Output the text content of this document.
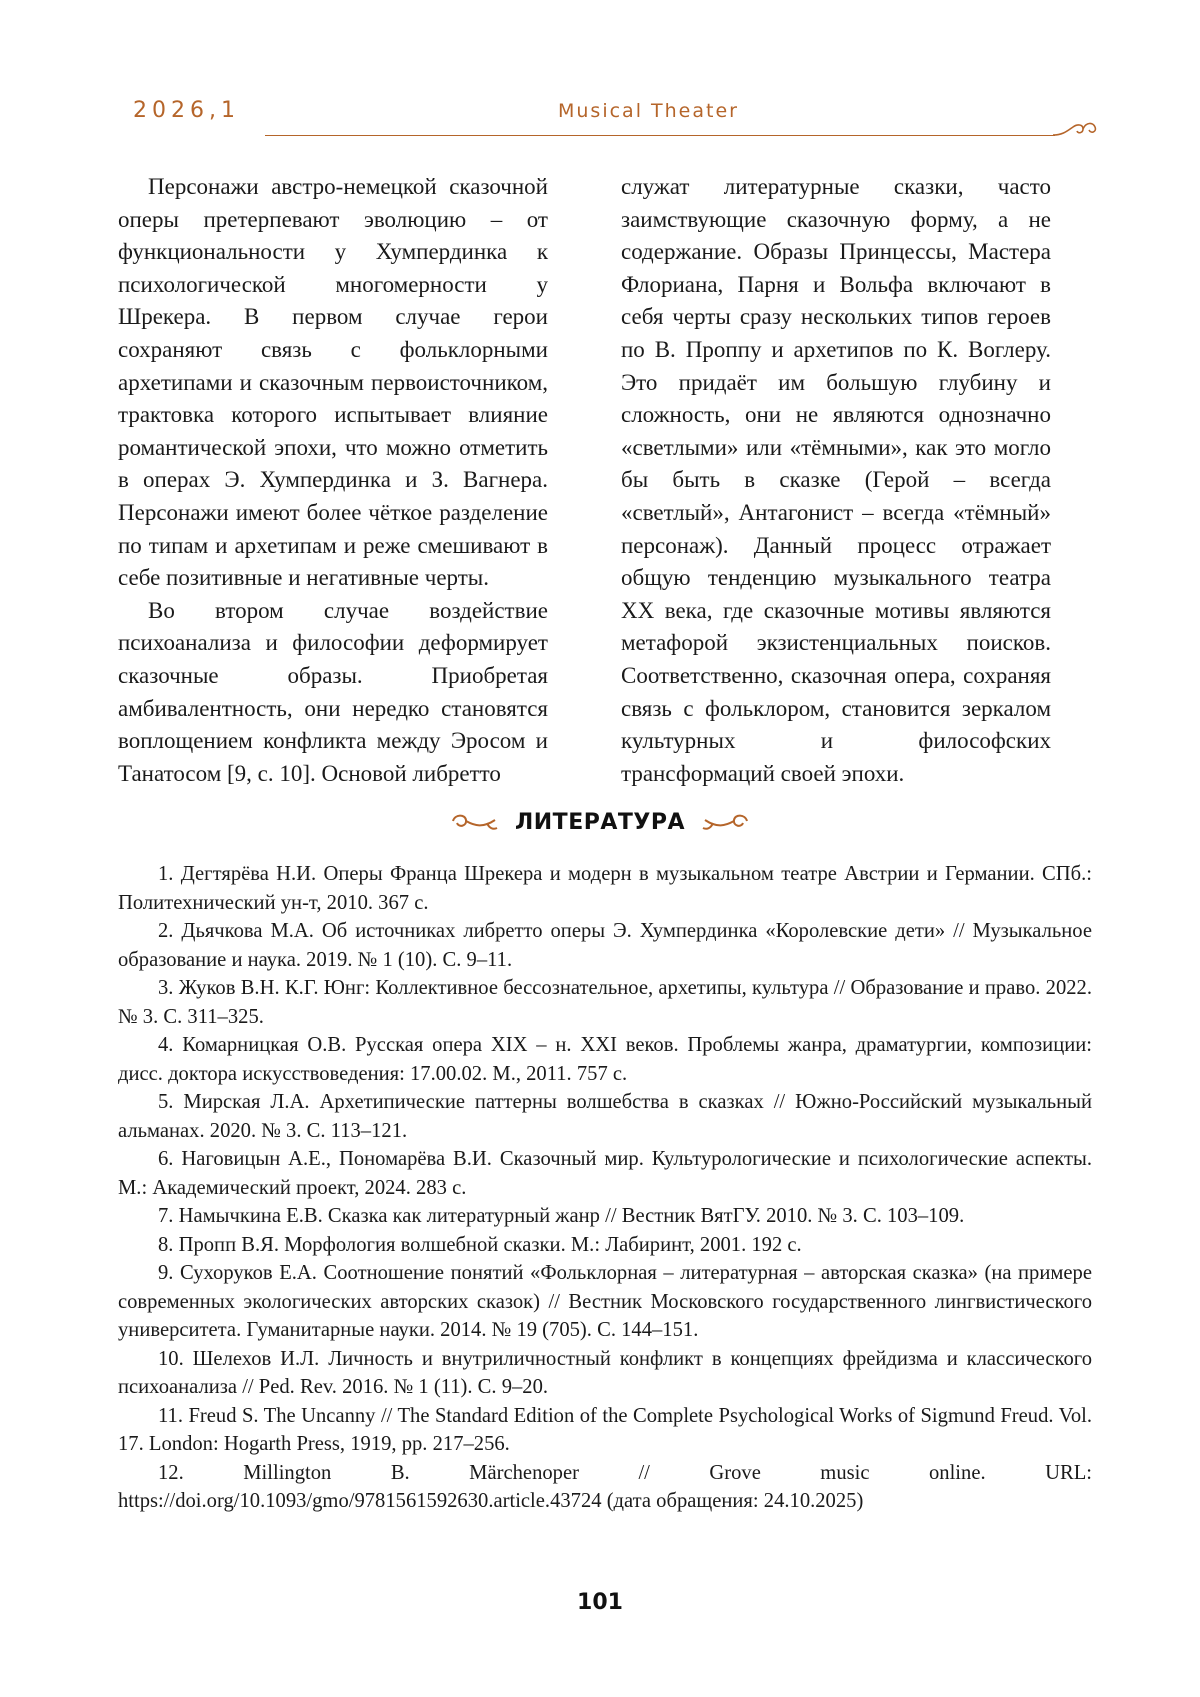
2026,1	Musical Theater

Персонажи австро-немецкой сказочной оперы претерпевают эволюцию – от функциональности у Хумпердинка к психологической многомерности у Шрекера. В первом случае герои сохраняют связь с фольклорными архетипами и сказочным первоисточником, трактовка которого испытывает влияние романтической эпохи, что можно отметить в операх Э. Хумпердинка и З. Вагнера. Персонажи имеют более чёткое разделение по типам и архетипам и реже смешивают в себе позитивные и негативные черты.

Во втором случае воздействие психоанализа и философии деформирует сказочные образы. Приобретая амбивалентность, они нередко становятся воплощением конфликта между Эросом и Танатосом [9, с. 10]. Основой либретто

служат литературные сказки, часто заимствующие сказочную форму, а не содержание. Образы Принцессы, Мастера Флориана, Парня и Вольфа включают в себя черты сразу нескольких типов героев по В. Проппу и архетипов по К. Воглеру. Это придаёт им большую глубину и сложность, они не являются однозначно «светлыми» или «тёмными», как это могло бы быть в сказке (Герой – всегда «светлый», Антагонист – всегда «тёмный» персонаж). Данный процесс отражает общую тенденцию музыкального театра XX века, где сказочные мотивы являются метафорой экзистенциальных поисков. Соответственно, сказочная опера, сохраняя связь с фольклором, становится зеркалом культурных и философских трансформаций своей эпохи.

ЛИТЕРАТУРА
1. Дегтярёва Н.И. Оперы Франца Шрекера и модерн в музыкальном театре Австрии и Германии. СПб.: Политехнический ун-т, 2010. 367 с.
2. Дьячкова М.А. Об источниках либретто оперы Э. Хумпердинка «Королевские дети» // Музыкальное образование и наука. 2019. № 1 (10). С. 9–11.
3. Жуков В.Н. К.Г. Юнг: Коллективное бессознательное, архетипы, культура // Образование и право. 2022. № 3. С. 311–325.
4. Комарницкая О.В. Русская опера XIX – н. XXI веков. Проблемы жанра, драматургии, композиции: дисс. доктора искусствоведения: 17.00.02. М., 2011. 757 с.
5. Мирская Л.А. Архетипические паттерны волшебства в сказках // Южно-Российский музыкальный альманах. 2020. № 3. С. 113–121.
6. Наговицын А.Е., Пономарёва В.И. Сказочный мир. Культурологические и психологические аспекты. М.: Академический проект, 2024. 283 с.
7. Намычкина Е.В. Сказка как литературный жанр // Вестник ВятГУ. 2010. № 3. С. 103–109.
8. Пропп В.Я. Морфология волшебной сказки. М.: Лабиринт, 2001. 192 с.
9. Сухоруков Е.А. Соотношение понятий «Фольклорная – литературная – авторская сказка» (на примере современных экологических авторских сказок) // Вестник Московского государственного лингвистического университета. Гуманитарные науки. 2014. № 19 (705). С. 144–151.
10. Шелехов И.Л. Личность и внутриличностный конфликт в концепциях фрейдизма и классического психоанализа // Ped. Rev. 2016. № 1 (11). С. 9–20.
11. Freud S. The Uncanny // The Standard Edition of the Complete Psychological Works of Sigmund Freud. Vol. 17. London: Hogarth Press, 1919, pp. 217–256.
12. Millington B. Märchenoper // Grove music online. URL: https://doi.org/10.1093/gmo/9781561592630.article.43724 (дата обращения: 24.10.2025)
101
